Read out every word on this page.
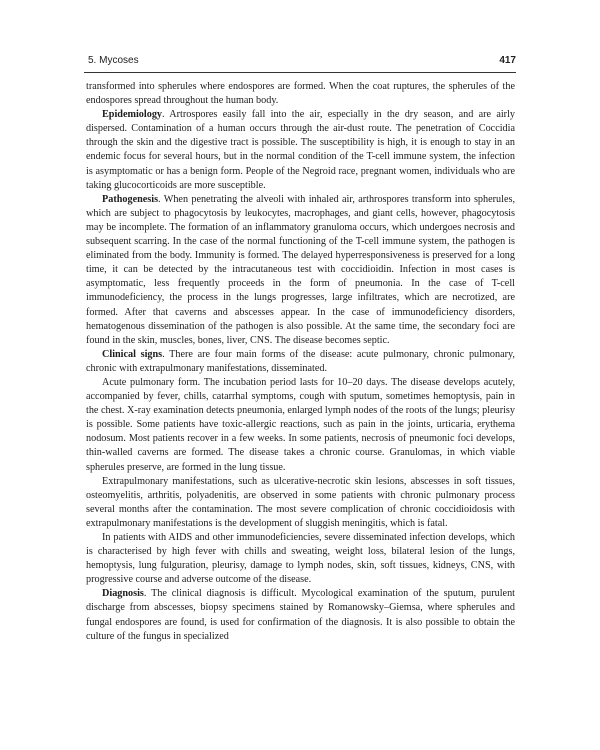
5. Mycoses	417

transformed into spherules where endospores are formed. When the coat ruptures, the spherules of the endospores spread throughout the human body.

Epidemiology. Artrospores easily fall into the air, especially in the dry season, and are airly dispersed. Contamination of a human occurs through the air-dust route. The penetration of Coccidia through the skin and the digestive tract is possible. The susceptibility is high, it is enough to stay in an endemic focus for several hours, but in the normal condition of the T-cell immune system, the infection is asymptomatic or has a benign form. People of the Negroid race, pregnant women, individuals who are taking glucocorticoids are more susceptible.

Pathogenesis. When penetrating the alveoli with inhaled air, arthrospores transform into spherules, which are subject to phagocytosis by leukocytes, macrophages, and giant cells, however, phagocytosis may be incomplete. The formation of an inflammatory granuloma occurs, which undergoes necrosis and subsequent scarring. In the case of the normal functioning of the T-cell immune system, the pathogen is eliminated from the body. Immunity is formed. The delayed hyperresponsiveness is preserved for a long time, it can be detected by the intracutaneous test with coccidioidin. Infection in most cases is asymptomatic, less frequently proceeds in the form of pneumonia. In the case of T-cell immunodeficiency, the process in the lungs progresses, large infiltrates, which are necrotized, are formed. After that caverns and abscesses appear. In the case of immunodeficiency disorders, hematogenous dissemination of the pathogen is also possible. At the same time, the secondary foci are found in the skin, muscles, bones, liver, CNS. The disease becomes septic.

Clinical signs. There are four main forms of the disease: acute pulmonary, chronic pulmonary, chronic with extrapulmonary manifestations, disseminated.

Acute pulmonary form. The incubation period lasts for 10–20 days. The disease develops acutely, accompanied by fever, chills, catarrhal symptoms, cough with sputum, sometimes hemoptysis, pain in the chest. X-ray examination detects pneumonia, enlarged lymph nodes of the roots of the lungs; pleurisy is possible. Some patients have toxic-allergic reactions, such as pain in the joints, urticaria, erythema nodosum. Most patients recover in a few weeks. In some patients, necrosis of pneumonic foci develops, thin-walled caverns are formed. The disease takes a chronic course. Granulomas, in which viable spherules preserve, are formed in the lung tissue.

Extrapulmonary manifestations, such as ulcerative-necrotic skin lesions, abscesses in soft tissues, osteomyelitis, arthritis, polyadenitis, are observed in some patients with chronic pulmonary process several months after the contamination. The most severe complication of chronic coccidioidosis with extrapulmonary manifestations is the development of sluggish meningitis, which is fatal.

In patients with AIDS and other immunodeficiencies, severe disseminated infection develops, which is characterised by high fever with chills and sweating, weight loss, bilateral lesion of the lungs, hemoptysis, lung fulguration, pleurisy, damage to lymph nodes, skin, soft tissues, kidneys, CNS, with progressive course and adverse outcome of the disease.

Diagnosis. The clinical diagnosis is difficult. Mycological examination of the sputum, purulent discharge from abscesses, biopsy specimens stained by Romanowsky–Giemsa, where spherules and fungal endospores are found, is used for confirmation of the diagnosis. It is also possible to obtain the culture of the fungus in specialized
